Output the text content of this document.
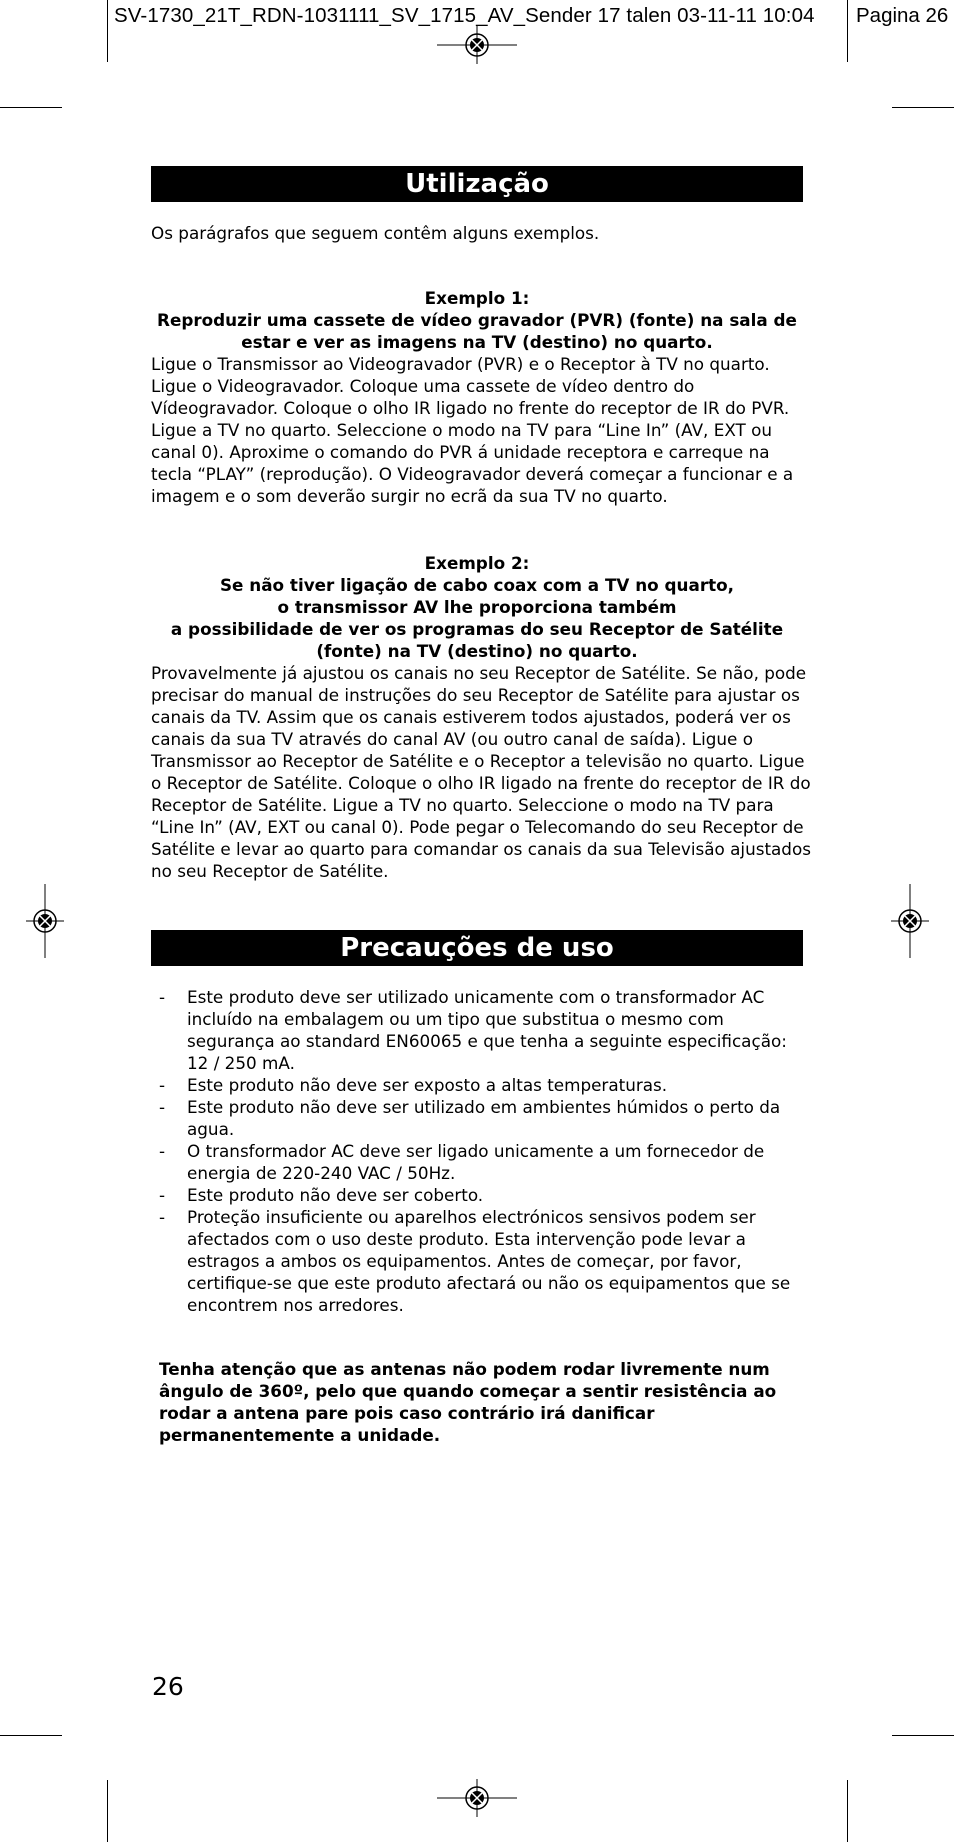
SV-1730_21T_RDN-1031111_SV_1715_AV_Sender 17 talen 03-11-11 10:04 Pagina 26
Utilização
Os parágrafos que seguem contêm alguns exemplos.
Exemplo 1:
Reproduzir uma cassete de vídeo gravador (PVR) (fonte) na sala de
estar e ver as imagens na TV (destino) no quarto.
Ligue o Transmissor ao Videogravador (PVR) e o Receptor à TV no quarto. Ligue o Videogravador. Coloque uma cassete de vídeo dentro do Vídeogravador. Coloque o olho IR ligado no frente do receptor de IR do PVR. Ligue a TV no quarto. Seleccione o modo na TV para “Line In” (AV, EXT ou canal 0). Aproxime o comando do PVR á unidade receptora e carreque na tecla “PLAY” (reprodução). O Videogravador deverá começar a funcionar e a imagem e o som deverão surgir no ecrã da sua TV no quarto.
Exemplo 2:
Se não tiver ligação de cabo coax com a TV no quarto,
o transmissor AV lhe proporciona também
a possibilidade de ver os programas do seu Receptor de Satélite
(fonte) na TV (destino) no quarto.
Provavelmente já ajustou os canais no seu Receptor de Satélite. Se não, pode precisar do manual de instruções do seu Receptor de Satélite para ajustar os canais da TV. Assim que os canais estiverem todos ajustados, poderá ver os canais da sua TV através do canal AV (ou outro canal de saída). Ligue o Transmissor ao Receptor de Satélite e o Receptor a televisão no quarto. Ligue o Receptor de Satélite. Coloque o olho IR ligado na frente do receptor de IR do Receptor de Satélite. Ligue a TV no quarto. Seleccione o modo na TV para “Line In” (AV, EXT ou canal 0). Pode pegar o Telecomando do seu Receptor de Satélite e levar ao quarto para comandar os canais da sua Televisão ajustados no seu Receptor de Satélite.
Precauções de uso
- Este produto deve ser utilizado unicamente com o transformador AC incluído na embalagem ou um tipo que substitua o mesmo com segurança ao standard EN60065 e que tenha a seguinte especificação: 12 / 250 mA.
- Este produto não deve ser exposto a altas temperaturas.
- Este produto não deve ser utilizado em ambientes húmidos o perto da agua.
- O transformador AC deve ser ligado unicamente a um fornecedor de energia de 220-240 VAC / 50Hz.
- Este produto não deve ser coberto.
- Proteção insuficiente ou aparelhos electrónicos sensivos podem ser afectados com o uso deste produto. Esta intervenção pode levar a estragos a ambos os equipamentos. Antes de começar, por favor, certifique-se que este produto afectará ou não os equipamentos que se encontrem nos arredores.
Tenha atenção que as antenas não podem rodar livremente num ângulo de 360º, pelo que quando começar a sentir resistência ao rodar a antena pare pois caso contrário irá danificar permanentemente a unidade.
26
